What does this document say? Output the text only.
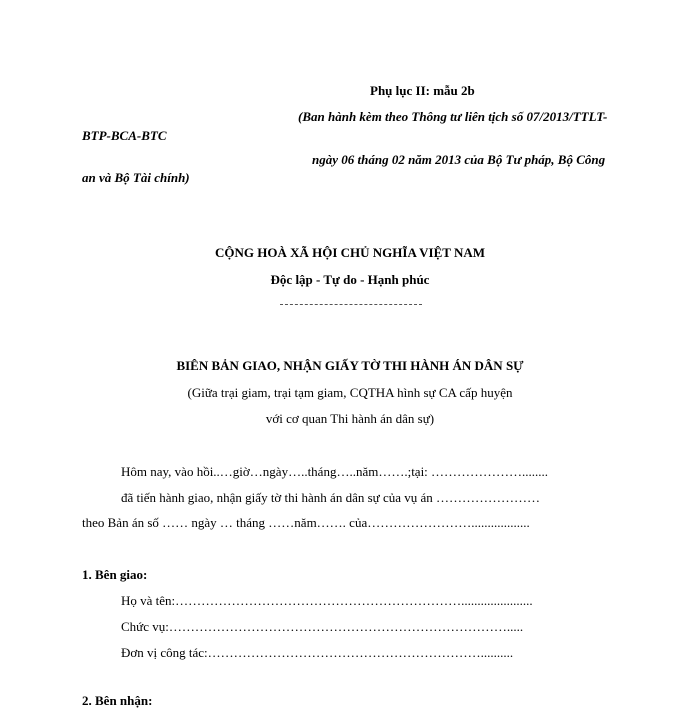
Phụ lục II: mẫu 2b
(Ban hành kèm theo Thông tư liên tịch số 07/2013/TTLT-
BTP-BCA-BTC
ngày 06 tháng 02 năm 2013 của Bộ Tư pháp, Bộ Công
an và Bộ Tài chính)
CỘNG HOÀ XÃ HỘI CHỦ NGHĨA VIỆT NAM
Độc lập - Tự do - Hạnh phúc
BIÊN BẢN GIAO, NHẬN GIẤY TỜ THI HÀNH ÁN DÂN SỰ
(Giữa trại giam, trại tạm giam, CQTHA hình sự CA cấp huyện
với cơ quan Thi hành án dân sự)
Hôm nay, vào hồi..…giờ…ngày…..tháng…..năm…….;tại: …………………........
đã tiến hành giao, nhận giấy tờ thi hành án dân sự của vụ án ……………………
theo Bản án số …… ngày … tháng ……năm……. của……………………..................
1. Bên giao:
Họ và tên:…………………………………………………………......................
Chức vụ:…………………………………………………………………….....
Đơn vị công tác:………………………………………………………..........
2. Bên nhận:
